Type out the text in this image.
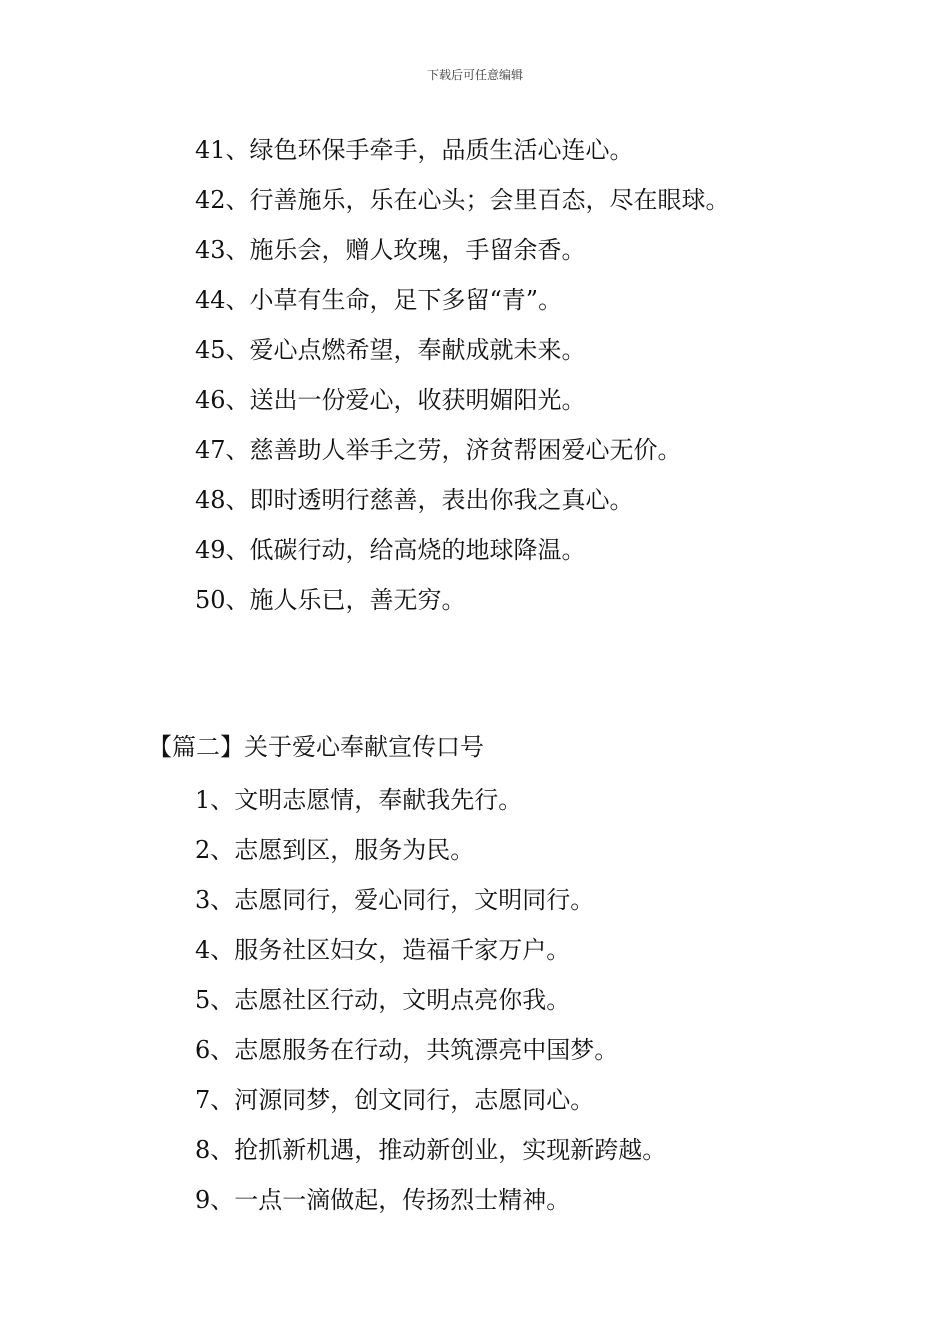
下载后可任意编辑
41、绿色环保手牵手，品质生活心连心。
42、行善施乐，乐在心头；会里百态，尽在眼球。
43、施乐会，赠人玫瑰，手留余香。
44、小草有生命，足下多留“青”。
45、爱心点燃希望，奉献成就未来。
46、送出一份爱心，收获明媚阳光。
47、慈善助人举手之劳，济贫帮困爱心无价。
48、即时透明行慈善，表出你我之真心。
49、低碳行动，给高烧的地球降温。
50、施人乐已，善无穷。
【篇二】关于爱心奉献宣传口号
1、文明志愿情，奉献我先行。
2、志愿到区，服务为民。
3、志愿同行，爱心同行，文明同行。
4、服务社区妇女，造福千家万户。
5、志愿社区行动，文明点亮你我。
6、志愿服务在行动，共筑漂亮中国梦。
7、河源同梦，创文同行，志愿同心。
8、抢抓新机遇，推动新创业，实现新跨越。
9、一点一滴做起，传扬烈士精神。
